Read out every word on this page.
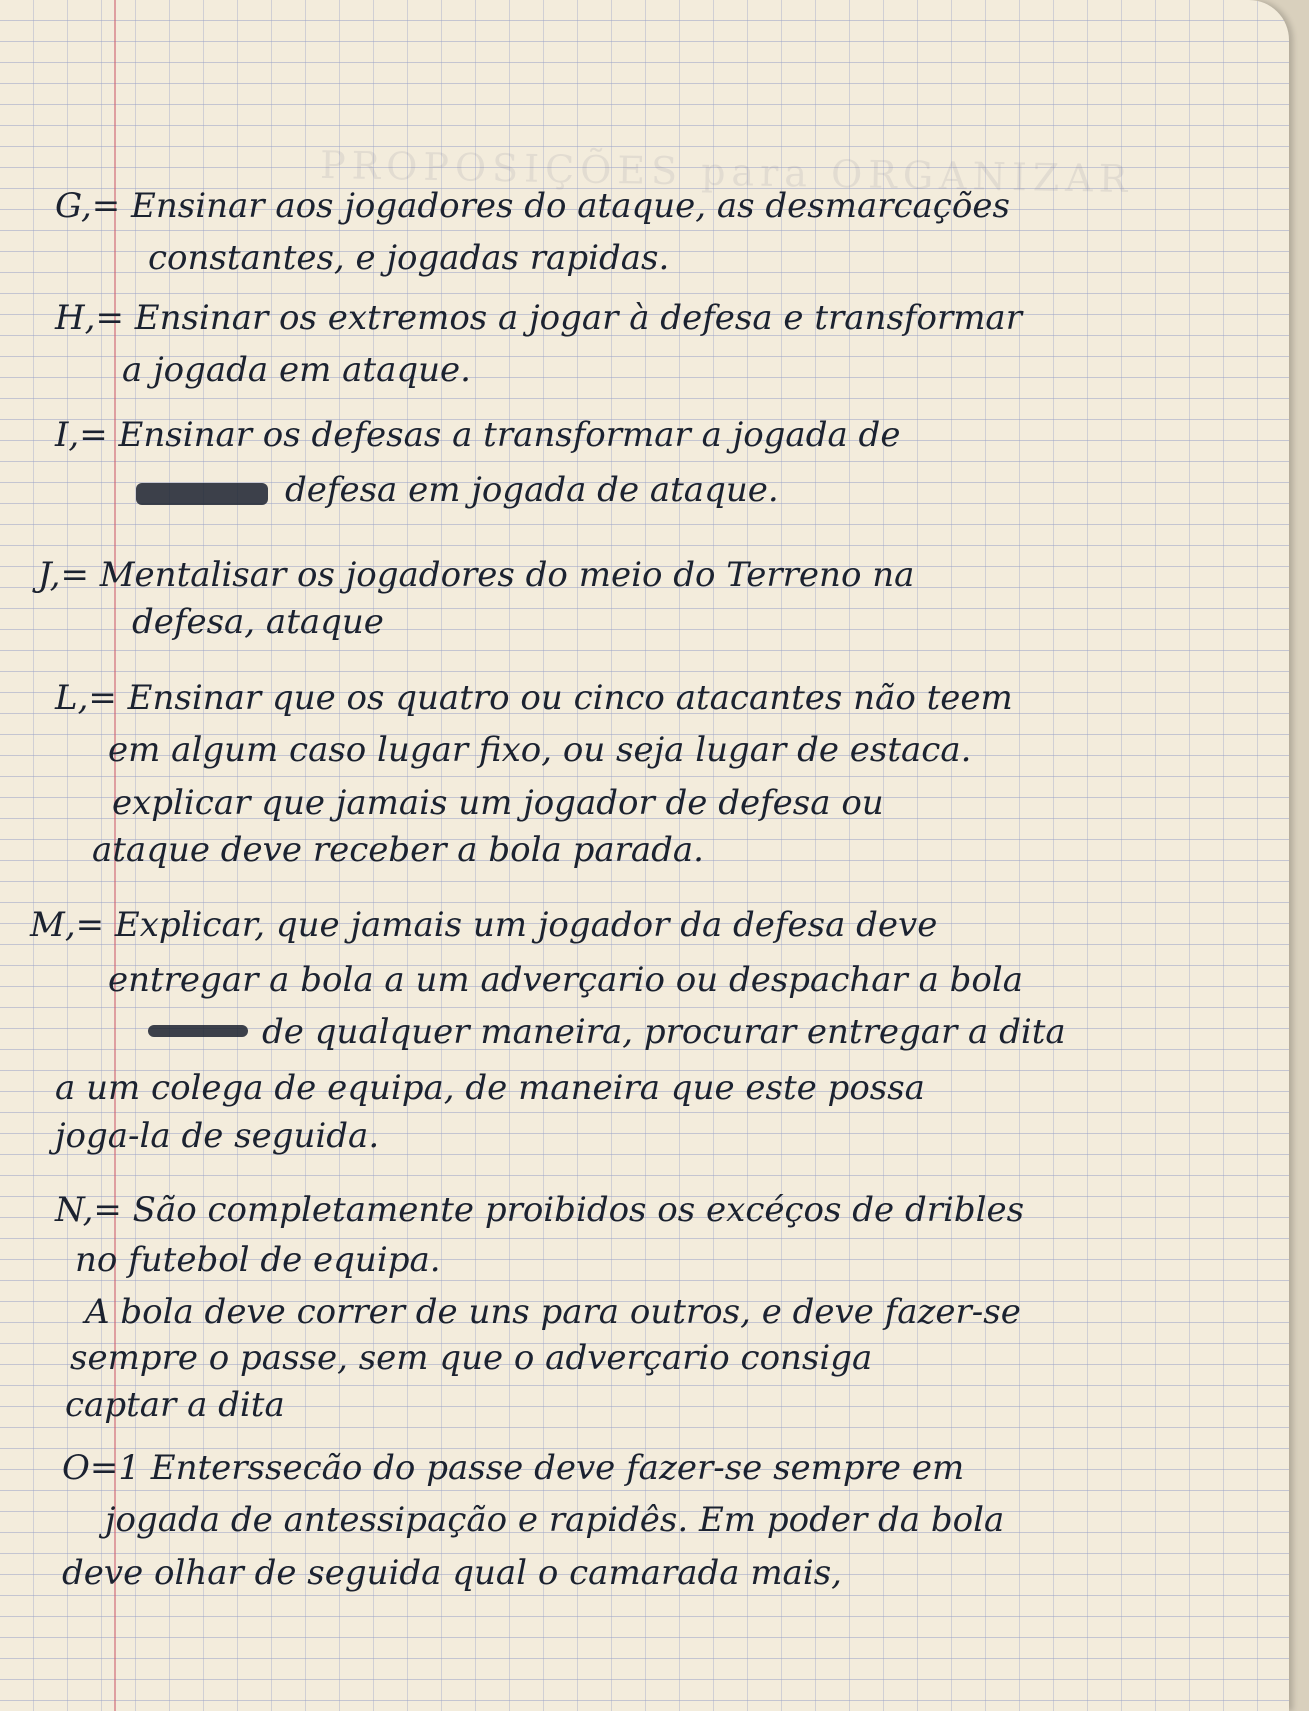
PROPOSIÇÕES para ORGANIZAR
G,= Ensinar aos jogadores do ataque, as desmarcações
constantes, e jogadas rapidas.
H,= Ensinar os extremos a jogar à defesa e transformar
a jogada em ataque.
I,= Ensinar os defesas a transformar a jogada de
defesa em jogada de ataque.
J,= Mentalisar os jogadores do meio do Terreno na
defesa, ataque
L,= Ensinar que os quatro ou cinco atacantes não teem
em algum caso lugar fixo, ou seja lugar de estaca.
explicar que jamais um jogador de defesa ou
ataque deve receber a bola parada.
M,= Explicar, que jamais um jogador da defesa deve
entregar a bola a um adverçario ou despachar a bola
de qualquer maneira, procurar entregar a dita
a um colega de equipa, de maneira que este possa
joga-la de seguida.
N,= São completamente proibidos os excéços de dribles
no futebol de equipa.
A bola deve correr de uns para outros, e deve fazer-se
sempre o passe, sem que o adverçario consiga
captar a dita
O=1 Enterssecão do passe deve fazer-se sempre em
jogada de antessipação e rapidês. Em poder da bola
deve olhar de seguida qual o camarada mais,
